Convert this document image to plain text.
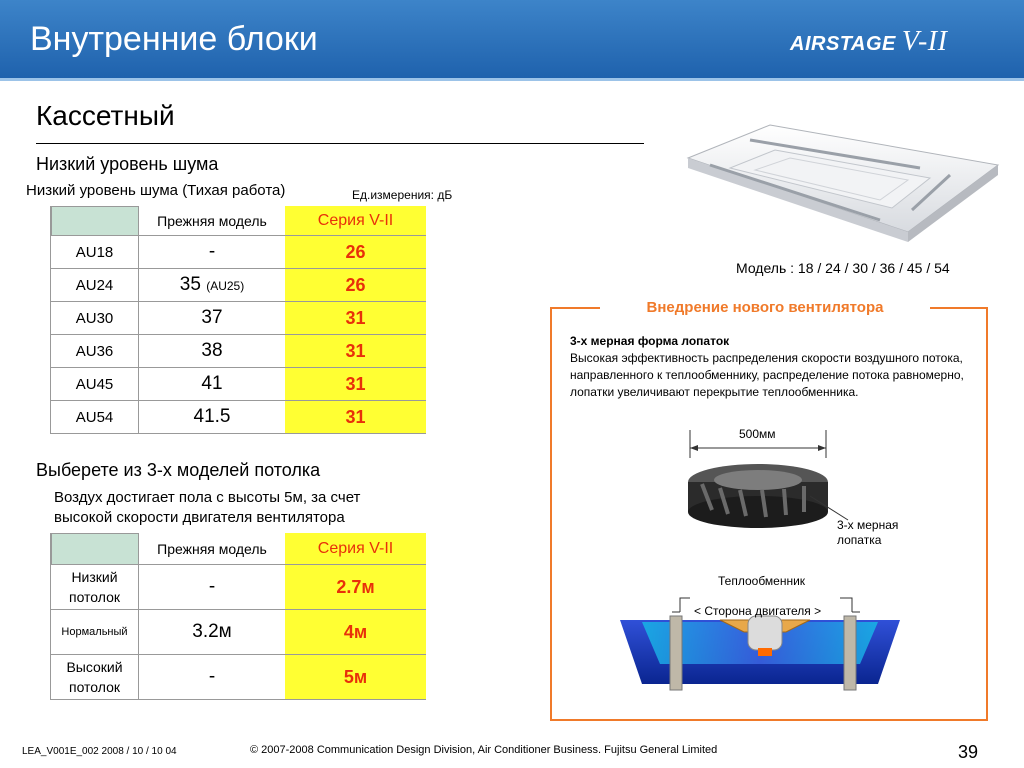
Внутренние блоки	AIRSTAGE V-II
Кассетный
Низкий уровень шума
Низкий уровень шума (Тихая работа)	Ед.измерения: дБ
	Прежняя модель	Серия V-II
AU18	-	26
AU24	35 (AU25)	26
AU30	37	31
AU36	38	31
AU45	41	31
AU54	41.5	31
Выберете из 3-х моделей потолка
Воздух достигает пола с высоты 5м, за счет
высокой скорости двигателя вентилятора
	Прежняя модель	Серия V-II

Низкий
потолок	-	2.7м

Нормальный	3.2м	4м

Высокий
потолок	-	5м
Модель : 18 / 24 / 30 / 36 / 45 / 54
Внедрение нового вентилятора
3-х мерная форма лопаток
Высокая эффективность распределения скорости воздушного потока, направленного к теплообменнику, распределение потока равномерно, лопатки увеличивают перекрытие теплообменника.
500мм
3-х мерная
лопатка
Теплообменник
< Сторона двигателя >
LEA_V001E_002 2008 / 10 / 10 04	© 2007-2008 Communication Design Division, Air Conditioner Business. Fujitsu General Limited	39
